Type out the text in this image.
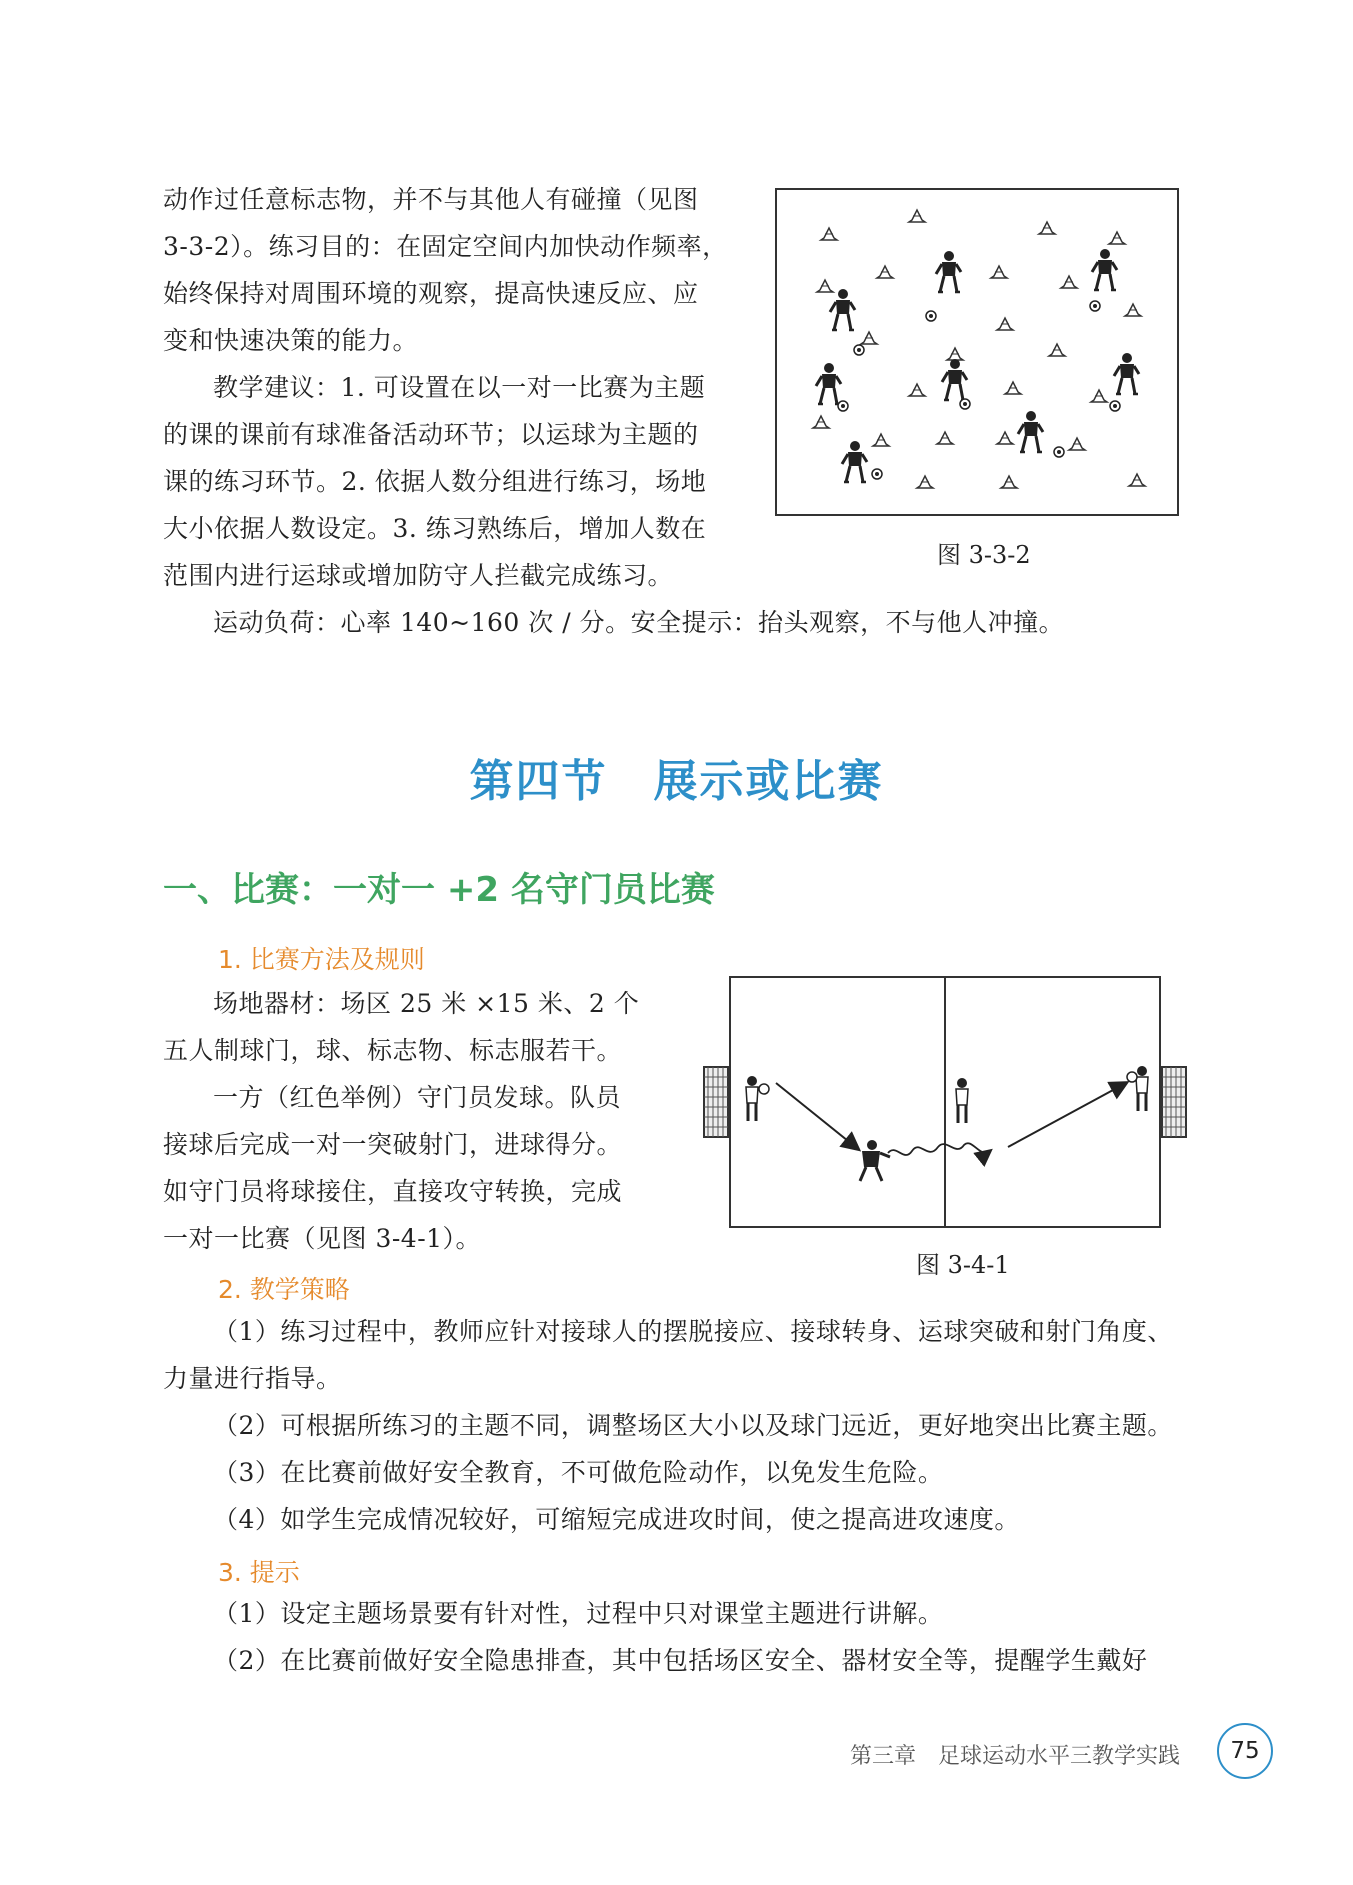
动作过任意标志物，并不与其他人有碰撞（见图

3-3-2）。练习目的：在固定空间内加快动作频率，

始终保持对周围环境的观察，提高快速反应、应

变和快速决策的能力。

教学建议：1. 可设置在以一对一比赛为主题

的课的课前有球准备活动环节；以运球为主题的

课的练习环节。2. 依据人数分组进行练习，场地

大小依据人数设定。3. 练习熟练后，增加人数在

范围内进行运球或增加防守人拦截完成练习。

运动负荷：心率 140~160 次 / 分。安全提示：抬头观察，不与他人冲撞。

图 3-3-2
第四节　展示或比赛
一、比赛：一对一 +2 名守门员比赛
1. 比赛方法及规则

场地器材：场区 25 米 ×15 米、2 个

五人制球门，球、标志物、标志服若干。

一方（红色举例）守门员发球。队员

接球后完成一对一突破射门，进球得分。

如守门员将球接住，直接攻守转换，完成

一对一比赛（见图 3-4-1）。

图 3-4-1
2. 教学策略

（1）练习过程中，教师应针对接球人的摆脱接应、接球转身、运球突破和射门角度、

力量进行指导。

（2）可根据所练习的主题不同，调整场区大小以及球门远近，更好地突出比赛主题。

（3）在比赛前做好安全教育，不可做危险动作，以免发生危险。

（4）如学生完成情况较好，可缩短完成进攻时间，使之提高进攻速度。

3. 提示

（1）设定主题场景要有针对性，过程中只对课堂主题进行讲解。

（2）在比赛前做好安全隐患排查，其中包括场区安全、器材安全等，提醒学生戴好

第三章　足球运动水平三教学实践	75
